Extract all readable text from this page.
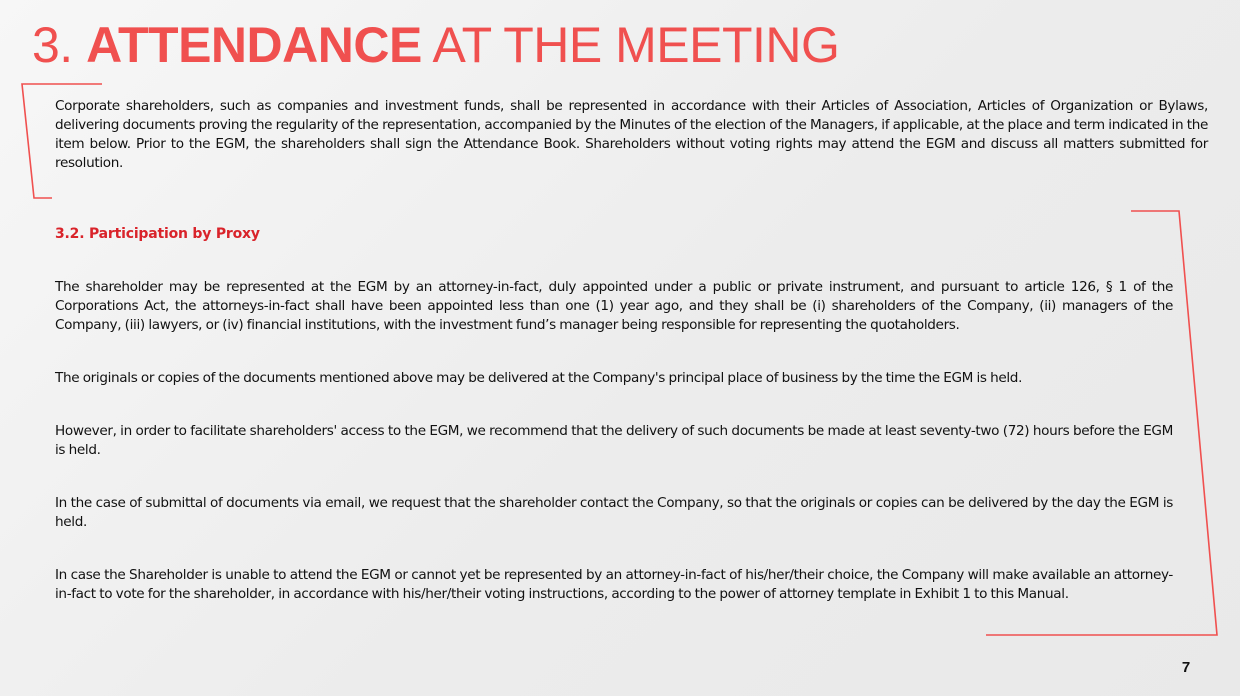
3. ATTENDANCE AT THE MEETING

Corporate shareholders, such as companies and investment funds, shall be represented in accordance with their Articles of Association, Articles of Organization or Bylaws, delivering documents proving the regularity of the representation, accompanied by the Minutes of the election of the Managers, if applicable, at the place and term indicated in the item below. Prior to the EGM, the shareholders shall sign the Attendance Book. Shareholders without voting rights may attend the EGM and discuss all matters submitted for resolution.

3.2. Participation by Proxy

The shareholder may be represented at the EGM by an attorney-in-fact, duly appointed under a public or private instrument, and pursuant to article 126, § 1 of the Corporations Act, the attorneys-in-fact shall have been appointed less than one (1) year ago, and they shall be (i) shareholders of the Company, (ii) managers of the Company, (iii) lawyers, or (iv) financial institutions, with the investment fund’s manager being responsible for representing the quotaholders.

The originals or copies of the documents mentioned above may be delivered at the Company's principal place of business by the time the EGM is held.

However, in order to facilitate shareholders' access to the EGM, we recommend that the delivery of such documents be made at least seventy-two (72) hours before the EGM is held.

In the case of submittal of documents via email, we request that the shareholder contact the Company, so that the originals or copies can be delivered by the day the EGM is held.

In case the Shareholder is unable to attend the EGM or cannot yet be represented by an attorney-in-fact of his/her/their choice, the Company will make available an attorney-in-fact to vote for the shareholder, in accordance with his/her/their voting instructions, according to the power of attorney template in Exhibit 1 to this Manual.

7
